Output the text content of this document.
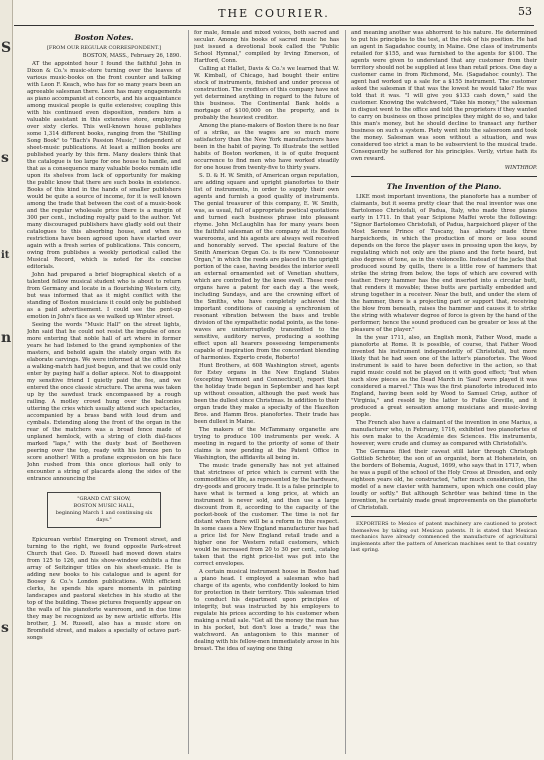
S
s
it
n
s
THE COURIER.	53
Boston Notes.
[FROM OUR REGULAR CORRESPONDENT.]
BOSTON, MASS., February 26, 1890.

AT the appointed hour I found the faithful John in Dixon & Co.'s music-store turning over the leaves of various music-books on the front counter and talking with Leon F. Keach, who has for so many years been an agreeable salesman there. Leon has many engagements as piano accompanist at concerts, and his acquaintance among musical people is quite extensive; coupling this with his continued even disposition, renders him a valuable assistant in this extensive store, employing over sixty clerks. This well-known house publishes some 1,314 different books, ranging from the "Shilling Song Book" to "Bach's Passion Music," independent of sheet-music publications. At least a million books are published yearly by this firm. Many dealers think that the catalogue is too large for one house to handle, and that as a consequence many valuable books remain idle upon its shelves from lack of opportunity for making the public know that there are such books in existence. Books of this kind in the hands of smaller publishers would be quite a source of income, for it is well known among the trade that between the cost of a music-book and the regular wholesale price there is a margin of 300 per cent., including royalty paid to the author. Yet many discouraged publishers have gladly sold out their catalogues to this absorbing house, and when no restrictions have been agreed upon have started over again with a fresh series of publications. This concern, owing from publishes a weekly periodical called the Musical Record, which is noted for its concise editorials.

John had prepared a brief biographical sketch of a talented fellow musical student who is about to return from Germany and locate in a flourishing Western city, but was informed that as it might conflict with the standing of Boston musicians it could only be published as a paid advertisement. I could see the pent-up emotion in John's face as we walked up Winter street.

Seeing the words "Music Hall" on the street lights, John said that he could not resist the impulse of once more entering that noble hall of art where in former years he had listened to the grand symphonies of the masters, and behold again the stately organ with its elaborate carvings. We were informed at the office that a walking-match had just begun, and that we could only enter by paying half a dollar apiece. Not to disappoint my sensitive friend I quietly paid the fee, and we entered the once classic structure. The arena was taken up by the sawdust track encompassed by a rough railing. A motley crowd hung over the balconies uttering the cries which usually attend such spectacles, accompanied by a brass band with loud drum and cymbals. Extending along the front of the organ in the rear of the matchers was a broad fence made of unplaned hemlock, with a string of cloth dial-faces marked "laps," with the dusty bust of Beethoven peering over the top, ready with his bronze pen to score another! With a profane expression on his face John rushed from this once glorious hall only to encounter a string of placards along the sides of the entrance announcing the

"GRAND CAT SHOW,
BOSTON MUSIC HALL,
beginning March 1 and continuing six days."

Epicurean verbis! Emerging on Tremont street, and turning to the right, we found opposite Park-street Church that Geo. D. Russell had moved down stairs from 125 to 126, and his show-window exhibits a fine array of Seitzinger titles on his sheet-music. He is adding new books to his catalogue and is agent for Boosey & Co.'s London publications. With efficient clerks, he spends his spare moments in painting landscapes and pastoral sketches in his studio at the top of the building. These pictures frequently appear on the walls of his pianoforte wareroom, and in due time they may be recognized as by new artistic efforts. His brother, J. M. Russell, also has a music store on Bromfield street, and makes a specialty of octavo part-songs

for male, female and mixed voices, both sacred and secular. Among his books of sacred music he has just issued a devotional book called the "Public School Hymnal," compiled by Irving Emerson, of Hartford, Conn.

Calling at Hallet, Davis & Co.'s we learned that W. W. Kimball, of Chicago, had bought their entire stock of instruments, finished and under process of construction. The creditors of this company have not yet determined anything in regard to the future of this business. The Continental Bank holds a mortgage of $100,000 on the property, and is probably the heaviest creditor.

Among the piano-makers of Boston there is no fear of a strike, as the wages are so much more satisfactory than the New York manufacturers have been in the habit of paying. To illustrate the settled habits of Boston workmen, it is of quite frequent occurrence to find men who have worked steadily for one house from twenty-five to thirty years.

S. D. & H. W. Smith, of American organ reputation, are adding square and upright pianofortes to their list of instruments, in order to supply their own agents and furnish a good quality of instruments. The genial treasurer of this company, E. W. Smith, was, as usual, full of appropriate poetical quotations and turned each business phrase into pleasant rhyme. John McLaughlin has for many years been the faithful salesman of the company at its Boston warerooms, and his agents are always well received and honorably served. The special feature of the Smith American Organ Co. is its new "Connoisseur Organ," in which the reeds are placed in the upright portion of the case, having besides the interior swell an external ornamented set of Venetian shutters, which are controlled by the knee swell. These reed-organs have a patent for each day a the week, including Sundays, and are the crowning effort of the Smiths, who have completely achieved the important conditions of causing a synchronism of resonant vibration between the bass and treble division of the sympathetic nodal points, as the tone-waves are uninterruptedly transmitted to the sensitive, auditory nerves, producing a soothing effect upon all hearers possessing temperaments capable of inspiration from the concordant blending of harmonies. Experto crede, Roberto!

Hunt Brothers, at 608 Washington street, agents for Estey organs in the New England States (excepting Vermont and Connecticut), report that the holiday trade began in September and has kept up without cessation, although the past week has been the dullest since Christmas. In addition to their organ trade they make a specialty of the Hazelton Bros. and Hamm Bros. pianofortes. Their trade has been dullest in Maine.

The makers of the McTammany organette are trying to produce 100 instruments per week. A meeting in regard to the priority of some of their claims is now pending at the Patent Office in Washington, the affidavits all being in.

The music trade generally has not yet attained that strictness of price which is current with the commodities of life, as represented by the hardware, dry-goods and grocery trade. It is a false principle to have what is termed a long price, at which an instrument is never sold, and then use a large discount from it, according to the capacity of the pocket-book of the customer. The time is not far distant when there will be a reform in this respect. In some cases a New England manufacturer has had a price list for New England retail trade and a higher one for Western retail customers, which would be increased from 20 to 30 per cent., catalog taken that the right price-list was put into the correct envelopes.

A certain musical instrument house in Boston had a piano head. I employed a salesman who had charge of its agents, who confidently looked to him for protection in their territory. This salesman tried to conduct his department upon principles of integrity, but was instructed by his employers to regulate his prices according to his customer when making a retail sale. "Get all the money the man has in his pocket, but don't lose a trade," was the watchword. An antagonism to this manner of dealing with his fellow-men immediately arose in his breast. The idea of saying one thing

and meaning another was abhorrent to his nature. He determined to put his principles to the test, at the risk of his position. He had an agent in Sagadahoc county, in Maine. One class of instruments retailed for $155, and was furnished to the agents for $100. The agents were given to understand that any customer from their territory should not be supplied at less than retail prices. One day a customer came in from Richmond, Me. (Sagadahoc county). The agent had worked up a sale for a $155 instrument. The customer asked the salesman if that was the lowest he would take? He was told that it was. "I will give you $133 cash down," said the customer. Knowing the watchword, "Take his money," the salesman in disgust went to the office and told the proprietors if they wanted to carry on business on those principles they might do so, and take this man's money, but he should decline to transact any further business on such a system. Piety went into the salesroom and took the money. Salesman was soon without a situation, and was considered too strict a man to be subservient to the musical trade. Consequently he suffered for his principles. Verily, virtue hath its own reward.

WINTHROP.
The Invention of the Piano.

LIKE most important inventions, the pianoforte has a number of claimants, but it seems pretty clear that the real inventor was one Bartolomeo Christofali, of Padua, Italy, who made three pianos early in 1711. In that year Scipione Maffei wrote the following: "Signor Bartolomeo Christofali, of Padua, harpsichord player of the Most Serene Prince of Tuscany, has already made three harpsichords, in which the production of more or less sound depends on the force the player uses in pressing upon the keys, by regulating which not only are the piano and the forte heard, but also degrees of tone, as in the violoncello. Instead of the jacks that produced sound by quills, there is a little row of hammers that strike the string from below, the tops of which are covered with leather. Every hammer has the end inserted into a circular butt, that renders it movable; these butts are partially embedded and strung together in a receiver. Near the butt, and under the stem of the hammer, there is a projecting part or support that, receiving the blow from beneath, raises the hammer and causes it to strike the string with whatever degree of force is given by the hand of the performer; hence the sound produced can be greater or less at the pleasure of the player."

In the year 1711, also, an English monk, Father Wood, made a pianoforte at Rome. It is possible, of course, that Father Wood invented his instrument independently of Christofali, but more likely that he had seen one of the latter's pianofortes. The Wood instrument is said to have been defective in the action, so that rapid music could not be played on it with good effect; "but when such slow pieces as the Dead March in 'Saul' were played it was considered a marvel." This was the first pianoforte introduced into England, having been sold by Wood to Samuel Crisp, author of "Virginia," and resold by the latter to Fulke Greville, and it produced a great sensation among musicians and music-loving people.

The French also have a claimant of the invention in one Marius, a manufacturer who, in February, 1716, exhibited two pianofortes of his own make to the Académie des Sciences. His instruments, however, were crude and clumsy as compared with Christofali's.

The Germans filed their caveat still later through Christoph Gottlieb Schröter, the son of an organist, born at Hohenstein, on the borders of Bohemia, August, 1699, who says that in 1717, when he was a pupil of the school of the Holy Cross at Dresden, and only eighteen years old, he constructed, "after much consideration, the model of a new clavier with hammers, upon which one could play loudly or softly." But although Schröter was behind time in the invention, he certainly made great improvements on the pianoforte of Christofali.

EXPORTERS to Mexico of patent machinery are cautioned to protect themselves by taking out Mexican patents. It is stated that Mexican mechanics have already commenced the manufacture of agricultural implements after the pattern of American machines sent to that country last spring.
